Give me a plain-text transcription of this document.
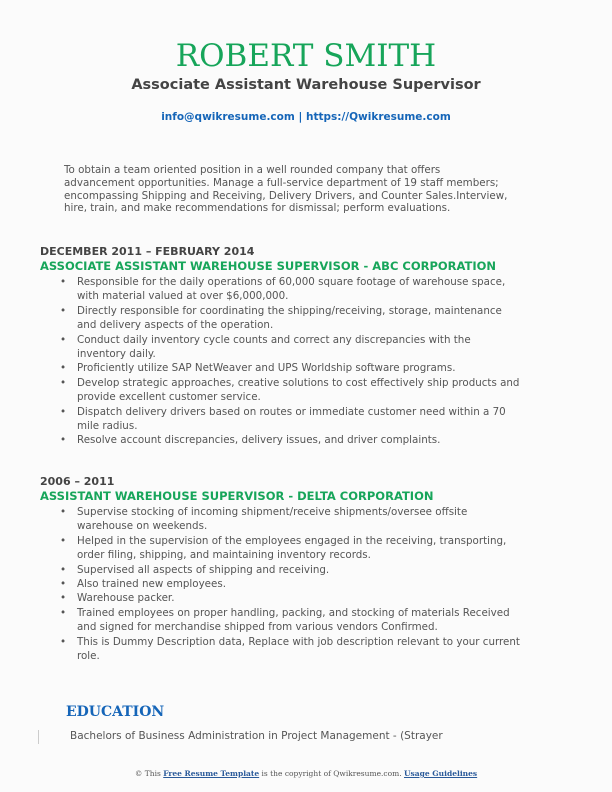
ROBERT SMITH
Associate Assistant Warehouse Supervisor
info@qwikresume.com | https://Qwikresume.com
To obtain a team oriented position in a well rounded company that offers advancement opportunities. Manage a full-service department of 19 staff members; encompassing Shipping and Receiving, Delivery Drivers, and Counter Sales.Interview, hire, train, and make recommendations for dismissal; perform evaluations.
DECEMBER 2011 – FEBRUARY 2014
ASSOCIATE ASSISTANT WAREHOUSE SUPERVISOR - ABC CORPORATION
• Responsible for the daily operations of 60,000 square footage of warehouse space, with material valued at over $6,000,000.
• Directly responsible for coordinating the shipping/receiving, storage, maintenance and delivery aspects of the operation.
• Conduct daily inventory cycle counts and correct any discrepancies with the inventory daily.
• Proficiently utilize SAP NetWeaver and UPS Worldship software programs.
• Develop strategic approaches, creative solutions to cost effectively ship products and provide excellent customer service.
• Dispatch delivery drivers based on routes or immediate customer need within a 70 mile radius.
• Resolve account discrepancies, delivery issues, and driver complaints.
2006 – 2011
ASSISTANT WAREHOUSE SUPERVISOR - DELTA CORPORATION
• Supervise stocking of incoming shipment/receive shipments/oversee offsite warehouse on weekends.
• Helped in the supervision of the employees engaged in the receiving, transporting, order filing, shipping, and maintaining inventory records.
• Supervised all aspects of shipping and receiving.
• Also trained new employees.
• Warehouse packer.
• Trained employees on proper handling, packing, and stocking of materials Received and signed for merchandise shipped from various vendors Confirmed.
• This is Dummy Description data, Replace with job description relevant to your current role.
EDUCATION
Bachelors of Business Administration in Project Management - (Strayer
© This Free Resume Template is the copyright of Qwikresume.com. Usage Guidelines
